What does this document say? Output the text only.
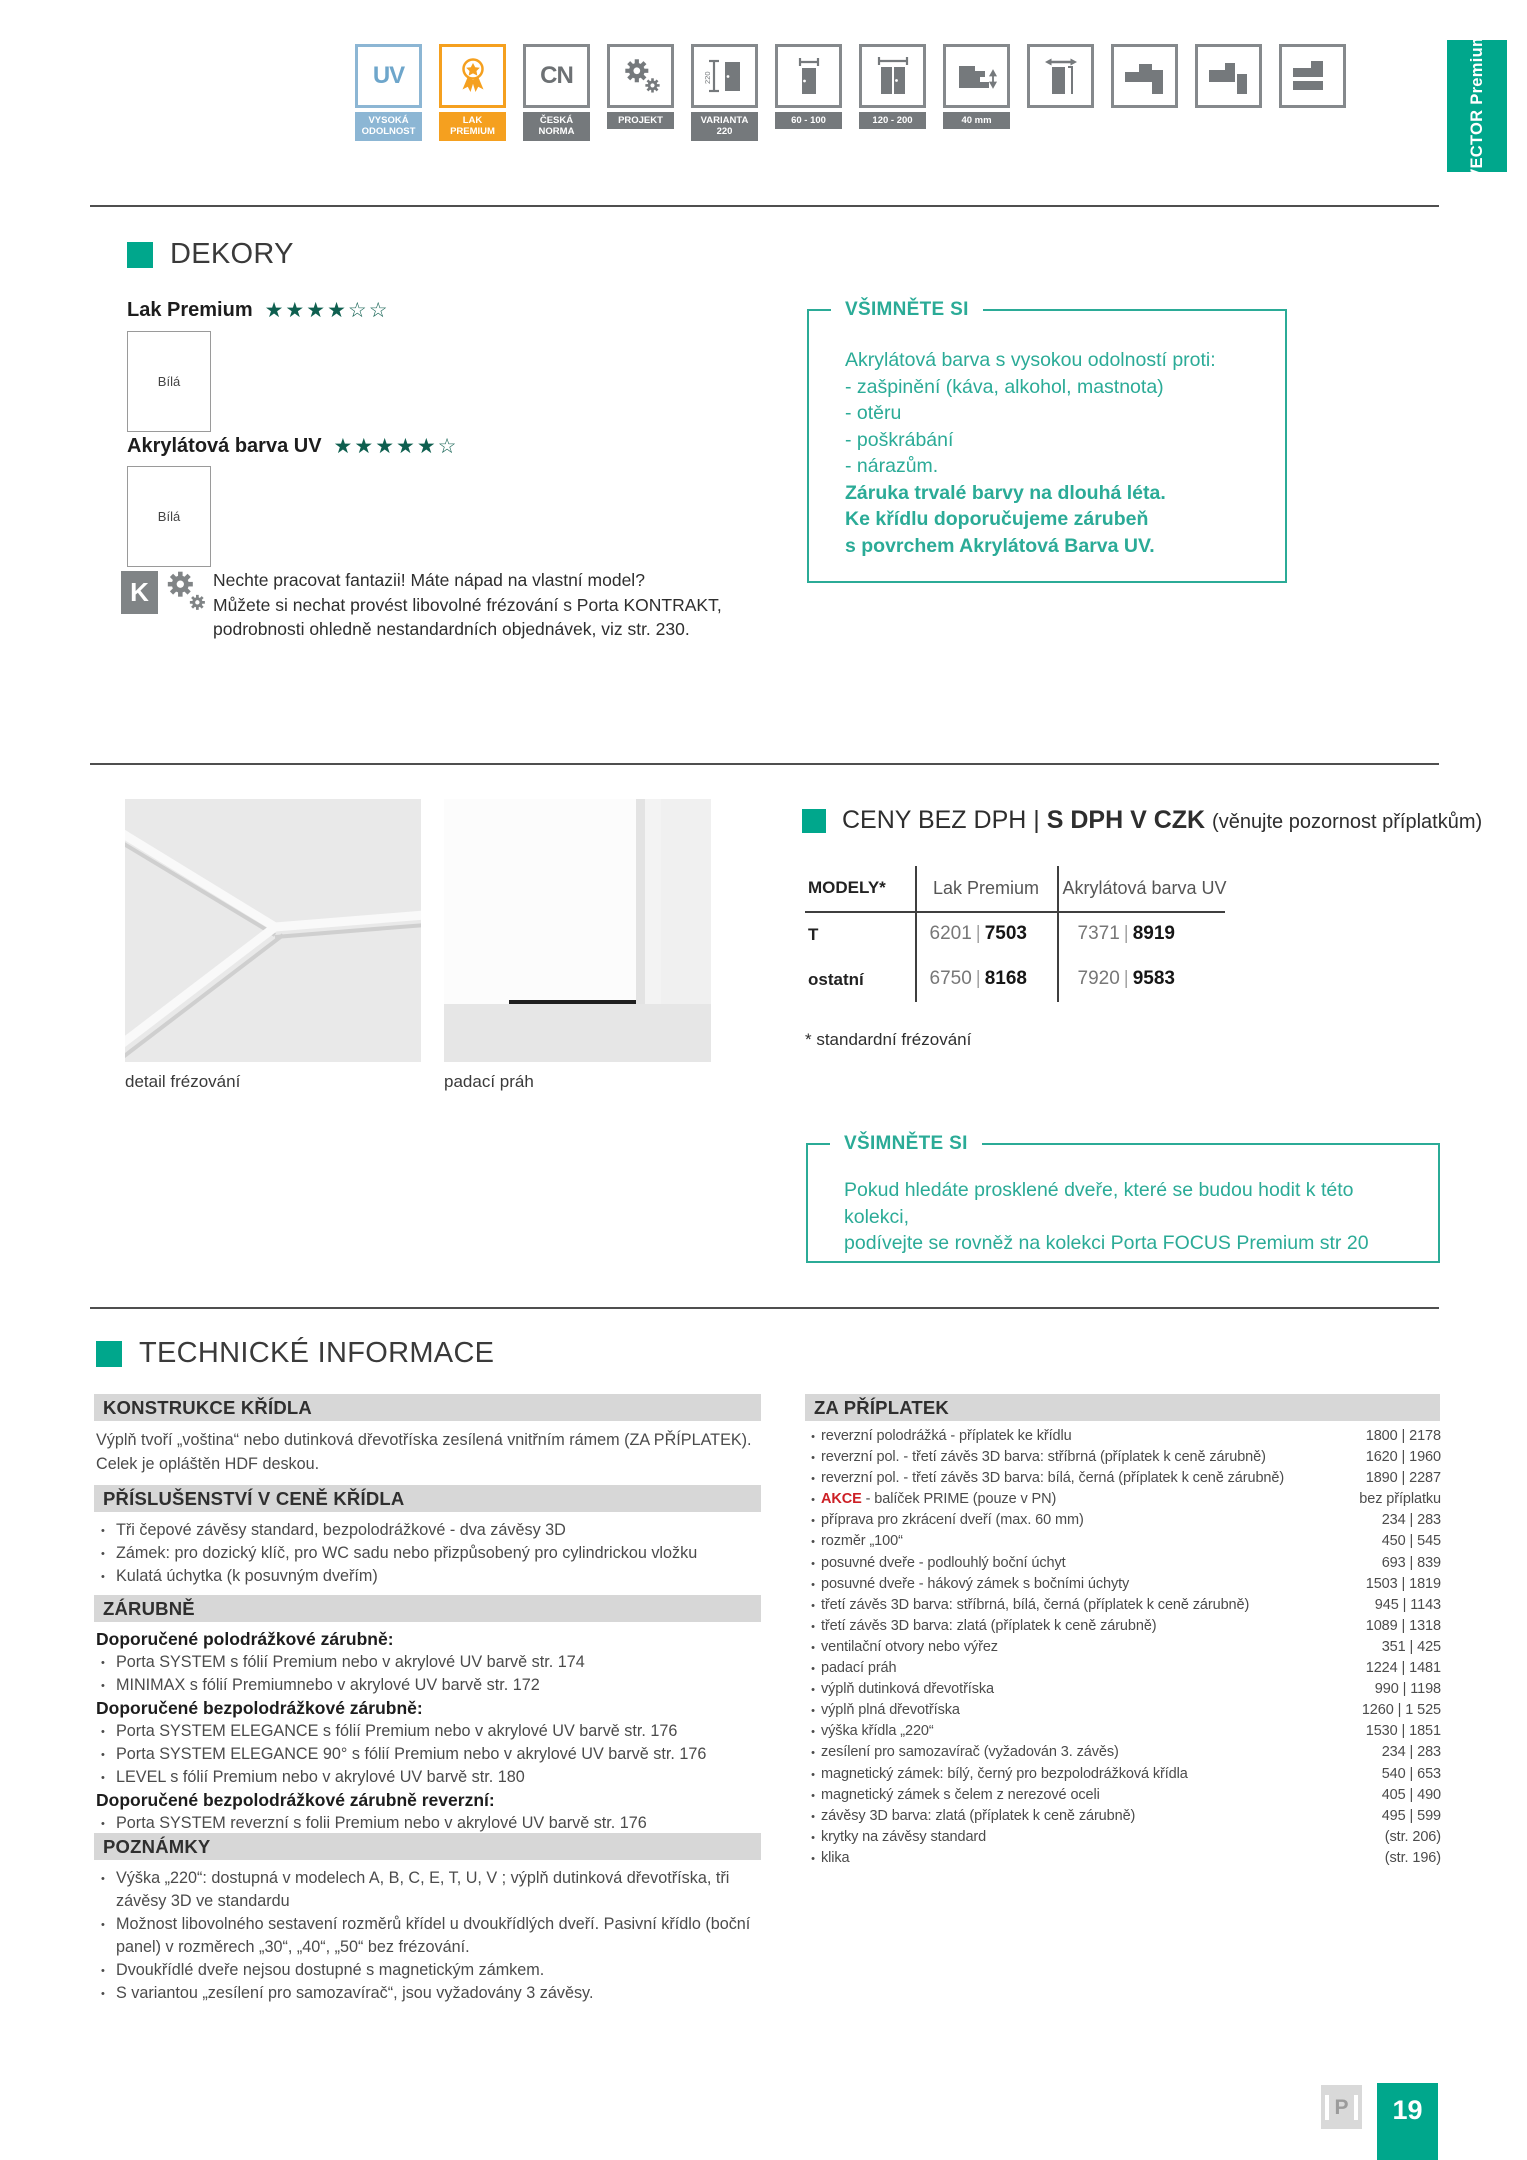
UV
VYSOKÁ ODOLNOST
LAK PREMIUM
CN
ČESKÁ NORMA
PROJEKT
220
VARIANTA 220
60 - 100	120 - 200	40 mm	VECTOR Premium
DEKORY
Lak Premium ★★★★☆☆
Bílá
Akrylátová barva UV ★★★★★☆
Bílá
K	Nechte pracovat fantazii! Máte nápad na vlastní model?
Můžete si nechat provést libovolné frézování s Porta KONTRAKT,
podrobnosti ohledně nestandardních objednávek, viz str. 230.
VŠIMNĚTE SI
Akrylátová barva s vysokou odolností proti:
- zašpinění (káva, alkohol, mastnota)
- otěru
- poškrábání
- nárazům.
Záruka trvalé barvy na dlouhá léta.
Ke křídlu doporučujeme zárubeň
s povrchem Akrylátová Barva UV.
detail frézování	padací práh
CENY BEZ DPH | S DPH V CZK (věnujte pozornost příplatkům)
MODELY*	Lak Premium	Akrylátová barva UV
T	6201 | 7503	7371 | 8919
ostatní	6750 | 8168	7920 | 9583
* standardní frézování
VŠIMNĚTE SI
Pokud hledáte prosklené dveře, které se budou hodit k této kolekci,
podívejte se rovněž na kolekci Porta FOCUS Premium str 20
TECHNICKÉ INFORMACE
KONSTRUKCE KŘÍDLA
Výplň tvoří „voština“ nebo dutinková dřevotříska zesílená vnitřním rámem (ZA PŘÍPLATEK). Celek je opláštěn HDF deskou.
PŘÍSLUŠENSTVÍ V CENĚ KŘÍDLA
• Tři čepové závěsy standard, bezpolodrážkové - dva závěsy 3D
• Zámek: pro dozický klíč, pro WC sadu nebo přizpůsobený pro cylindrickou vložku
• Kulatá úchytka (k posuvným dveřím)
ZÁRUBNĚ
Doporučené polodrážkové zárubně:
• Porta SYSTEM s fólií Premium nebo v akrylové UV barvě str. 174
• MINIMAX s fólií Premiumnebo v akrylové UV barvě str. 172
Doporučené bezpolodrážkové zárubně:
• Porta SYSTEM ELEGANCE s fólií Premium nebo v akrylové UV barvě str. 176
• Porta SYSTEM ELEGANCE 90° s fólií Premium nebo v akrylové UV barvě str. 176
• LEVEL s fólií Premium nebo v akrylové UV barvě str. 180
Doporučené bezpolodrážkové zárubně reverzní:
• Porta SYSTEM reverzní s folii Premium nebo v akrylové UV barvě str. 176
POZNÁMKY
• Výška „220“: dostupná v modelech A, B, C, E, T, U, V ; výplň dutinková dřevotříska, tři závěsy 3D ve standardu
• Možnost libovolného sestavení rozměrů křídel u dvoukřídlých dveří. Pasivní křídlo (boční panel) v rozměrech „30“, „40“, „50“ bez frézování.
• Dvoukřídlé dveře nejsou dostupné s magnetickým zámkem.
• S variantou „zesílení pro samozavírač“, jsou vyžadovány 3 závěsy.
ZA PŘÍPLATEK
• reverzní polodrážká - příplatek ke křídlu	1800 | 2178
• reverzní pol. - třetí závěs 3D barva: stříbrná (příplatek k ceně zárubně)	1620 | 1960
• reverzní pol. - třetí závěs 3D barva: bílá, černá (příplatek k ceně zárubně)	1890 | 2287
• AKCE - balíček PRIME (pouze v PN)	bez příplatku
• příprava pro zkrácení dveří (max. 60 mm)	234 | 283
• rozměr „100“	450 | 545
• posuvné dveře - podlouhlý boční úchyt	693 | 839
• posuvné dveře - hákový zámek s bočními úchyty	1503 | 1819
• třetí závěs 3D barva: stříbrná, bílá, černá (příplatek k ceně zárubně)	945 | 1143
• třetí závěs 3D barva: zlatá (příplatek k ceně zárubně)	1089 | 1318
• ventilační otvory nebo výřez	351 | 425
• padací práh	1224 | 1481
• výplň dutinková dřevotříska	990 | 1198
• výplň plná dřevotříska	1260 | 1 525
• výška křídla „220“	1530 | 1851
• zesílení pro samozavírač (vyžadován 3. závěs)	234 | 283
• magnetický zámek: bílý, černý pro bezpolodrážková křídla	540 | 653
• magnetický zámek s čelem z nerezové oceli	405 | 490
• závěsy 3D barva: zlatá (příplatek k ceně zárubně)	495 | 599
• krytky na závěsy standard	(str. 206)
• klika	(str. 196)
P	19
